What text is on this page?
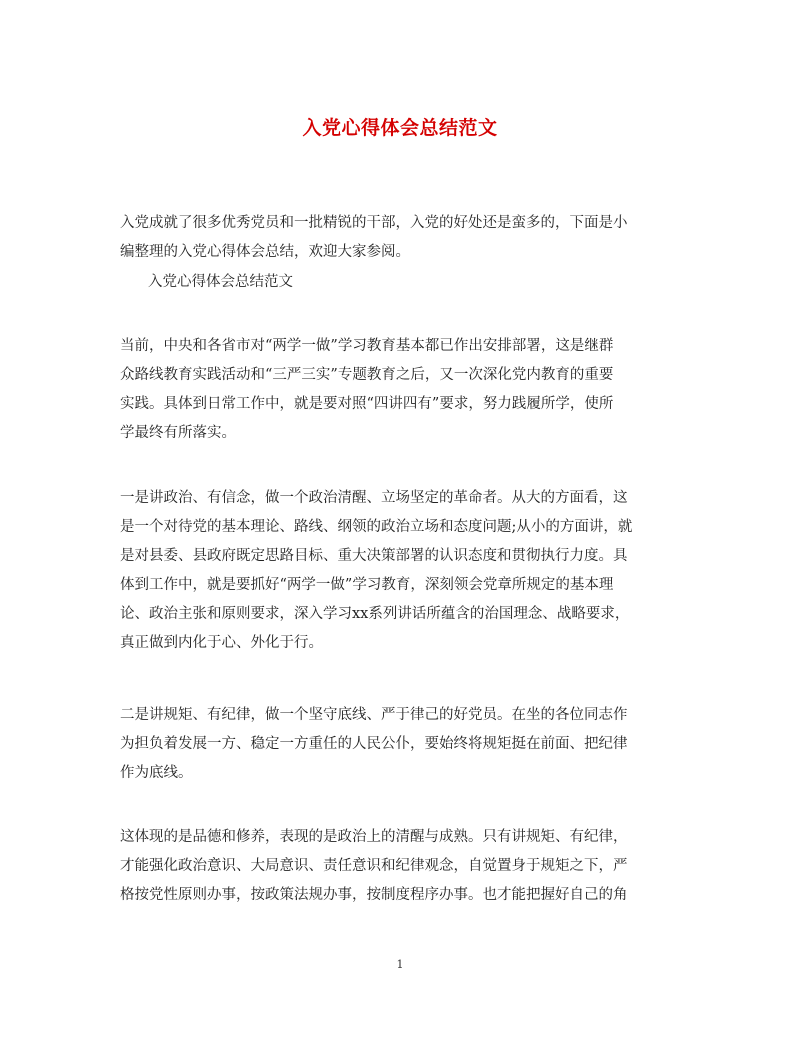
入党心得体会总结范文
入党成就了很多优秀党员和一批精锐的干部，入党的好处还是蛮多的，下面是小
编整理的入党心得体会总结，欢迎大家参阅。
入党心得体会总结范文
当前，中央和各省市对“两学一做”学习教育基本都已作出安排部署，这是继群
众路线教育实践活动和“三严三实”专题教育之后，又一次深化党内教育的重要
实践。具体到日常工作中，就是要对照“四讲四有”要求，努力践履所学，使所
学最终有所落实。
一是讲政治、有信念，做一个政治清醒、立场坚定的革命者。从大的方面看，这
是一个对待党的基本理论、路线、纲领的政治立场和态度问题;从小的方面讲，就
是对县委、县政府既定思路目标、重大决策部署的认识态度和贯彻执行力度。具
体到工作中，就是要抓好“两学一做”学习教育，深刻领会党章所规定的基本理
论、政治主张和原则要求，深入学习xx系列讲话所蕴含的治国理念、战略要求，
真正做到内化于心、外化于行。
二是讲规矩、有纪律，做一个坚守底线、严于律己的好党员。在坐的各位同志作
为担负着发展一方、稳定一方重任的人民公仆，要始终将规矩挺在前面、把纪律
作为底线。
这体现的是品德和修养，表现的是政治上的清醒与成熟。只有讲规矩、有纪律，
才能强化政治意识、大局意识、责任意识和纪律观念，自觉置身于规矩之下，严
格按党性原则办事，按政策法规办事，按制度程序办事。也才能把握好自己的角
1
